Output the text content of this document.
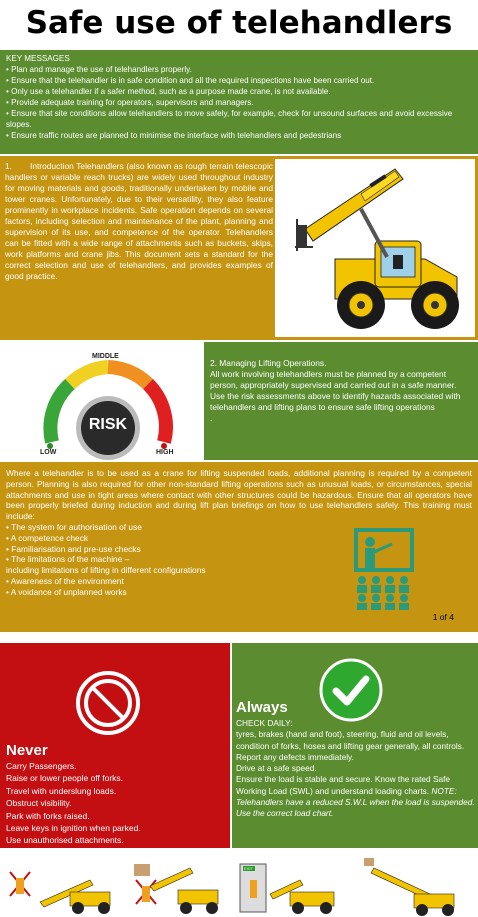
Safe use of telehandlers
KEY MESSAGES
• Plan and manage the use of telehandlers properly.
• Ensure that the telehandler is in safe condition and all the required inspections have been carried out.
• Only use a telehandler if a safer method, such as a purpose made crane, is not available.
• Provide adequate training for operators, supervisors and managers.
• Ensure that site conditions allow telehandlers to move safely, for example, check for unsound surfaces and avoid excessive slopes.
• Ensure traffic routes are planned to minimise the interface with telehandlers and pedestrians
1. Introduction Telehandlers (also known as rough terrain telescopic handlers or variable reach trucks) are widely used throughout industry for moving materials and goods, traditionally undertaken by mobile and tower cranes. Unfortunately, due to their versatility, they also feature prominently in workplace incidents. Safe operation depends on several factors, including selection and maintenance of the plant, planning and supervision of its use, and competence of the operator. Telehandlers can be fitted with a wide range of attachments such as buckets, skips, work platforms and crane jibs. This document sets a standard for the correct selection and use of telehandlers, and provides examples of good practice.
RISK
MIDDLE
LOW	HIGH
2. Managing Lifting Operations.
All work involving telehandlers must be planned by a competent person, appropriately supervised and carried out in a safe manner.
Use the risk assessments above to identify hazards associated with telehandlers and lifting plans to ensure safe lifting operations
.
Where a telehandler is to be used as a crane for lifting suspended loads, additional planning is required by a competent person. Planning is also required for other non-standard lifting operations such as unusual loads, or circumstances, special attachments and use in tight areas where contact with other structures could be hazardous. Ensure that all operators have been properly briefed during induction and during lift plan briefings on how to use telehandlers safely. This training must include:
• The system for authorisation of use
• A competence check
• Familiarisation and pre-use checks
• The limitations of the machine –
including limitations of lifting in different configurations
• Awareness of the environment
• A voidance of unplanned works
1 of 4
Never
Carry Passengers.
Raise or lower people off forks.
Travel with underslung loads.
Obstruct visibility.
Park with forks raised.
Leave keys in ignition when parked.
Use unauthorised attachments.
Always
CHECK DAILY:
tyres, brakes (hand and foot), steering, fluid and oil levels, condition of forks, hoses and lifting gear generally, all controls.
Report any defects immediately.
Drive at a safe speed.
Ensure the load is stable and secure. Know the rated Safe Working Load (SWL) and understand loading charts. NOTE: Telehandlers have a reduced S.W.L when the load is suspended. Use the correct load chart.
EXIT
